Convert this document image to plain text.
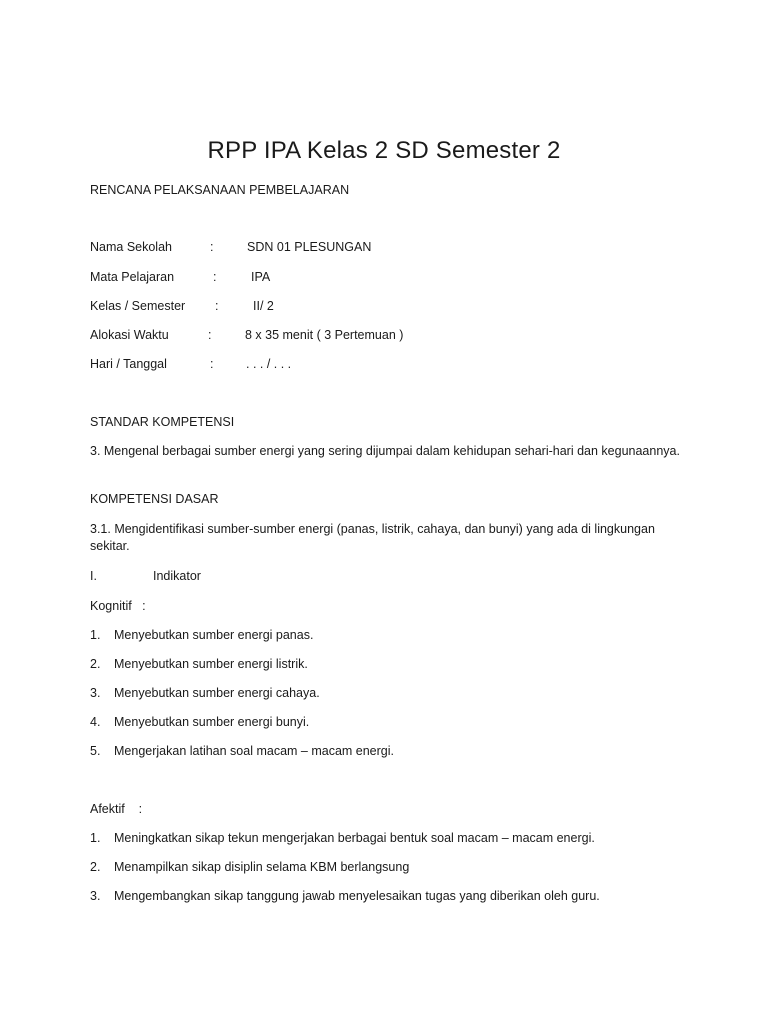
RPP IPA Kelas 2 SD Semester 2
RENCANA PELAKSANAAN PEMBELAJARAN
Nama Sekolah	:	SDN 01 PLESUNGAN
Mata Pelajaran	:	IPA
Kelas / Semester :	II/ 2
Alokasi Waktu	:	8 x 35 menit ( 3 Pertemuan )
Hari / Tanggal	:	. . . / . . .
STANDAR KOMPETENSI
3. Mengenal berbagai sumber energi yang sering dijumpai dalam kehidupan sehari-hari dan kegunaannya.
KOMPETENSI DASAR
3.1. Mengidentifikasi sumber-sumber energi (panas, listrik, cahaya, dan bunyi) yang ada di lingkungan sekitar.
I.	Indikator
Kognitif   :
1. Menyebutkan sumber energi panas.
2. Menyebutkan sumber energi listrik.
3. Menyebutkan sumber energi cahaya.
4. Menyebutkan sumber energi bunyi.
5. Mengerjakan latihan soal macam – macam energi.
Afektif    :
1. Meningkatkan sikap tekun mengerjakan berbagai bentuk soal macam – macam energi.
2. Menampilkan sikap disiplin selama KBM berlangsung
3. Mengembangkan sikap tanggung jawab menyelesaikan tugas yang diberikan oleh guru.
